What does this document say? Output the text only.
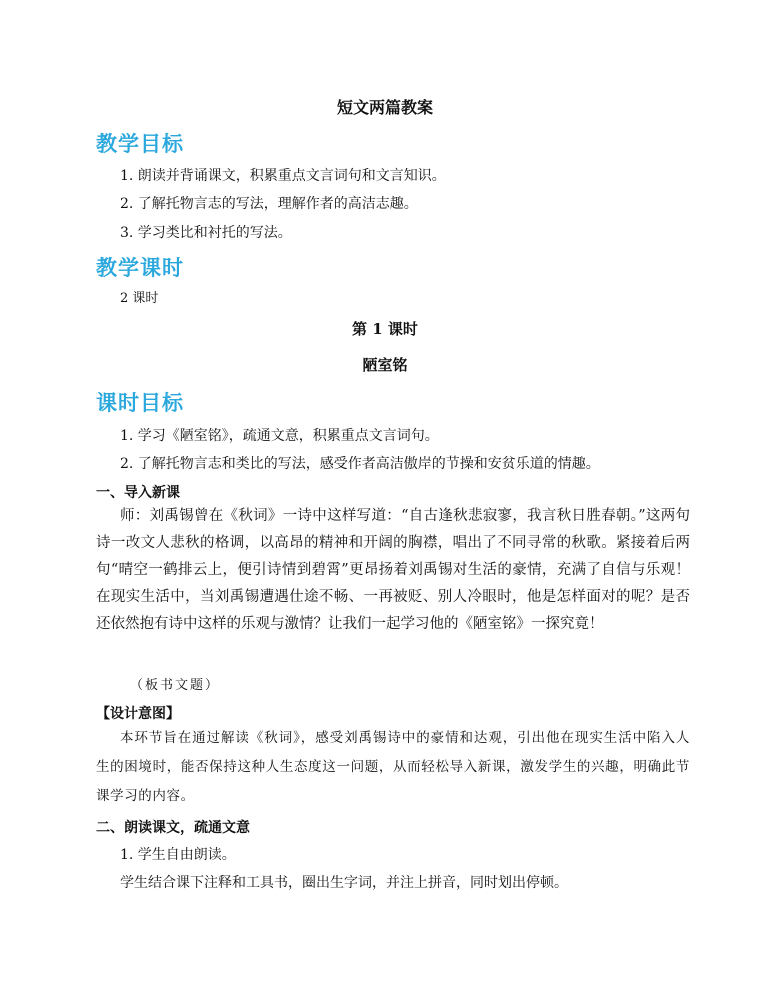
短文两篇教案
教学目标
1. 朗读并背诵课文，积累重点文言词句和文言知识。
2. 了解托物言志的写法，理解作者的高洁志趣。
3. 学习类比和衬托的写法。
教学课时
2 课时
第 1 课时
陋室铭
课时目标
1. 学习《陋室铭》，疏通文意，积累重点文言词句。
2. 了解托物言志和类比的写法，感受作者高洁傲岸的节操和安贫乐道的情趣。
一、导入新课
师：刘禹锡曾在《秋词》一诗中这样写道：“自古逢秋悲寂寥，我言秋日胜春朝。”这两句诗一改文人悲秋的格调，以高昂的精神和开阔的胸襟，唱出了不同寻常的秋歌。紧接着后两句“晴空一鹤排云上，便引诗情到碧霄”更昂扬着刘禹锡对生活的豪情，充满了自信与乐观！在现实生活中，当刘禹锡遭遇仕途不畅、一再被贬、别人冷眼时，他是怎样面对的呢？是否还依然抱有诗中这样的乐观与激情？让我们一起学习他的《陋室铭》一探究竟！
（板书文题）
【设计意图】
本环节旨在通过解读《秋词》，感受刘禹锡诗中的豪情和达观，引出他在现实生活中陷入人生的困境时，能否保持这种人生态度这一问题，从而轻松导入新课，激发学生的兴趣，明确此节课学习的内容。
二、朗读课文，疏通文意
1. 学生自由朗读。
学生结合课下注释和工具书，圈出生字词，并注上拼音，同时划出停顿。
